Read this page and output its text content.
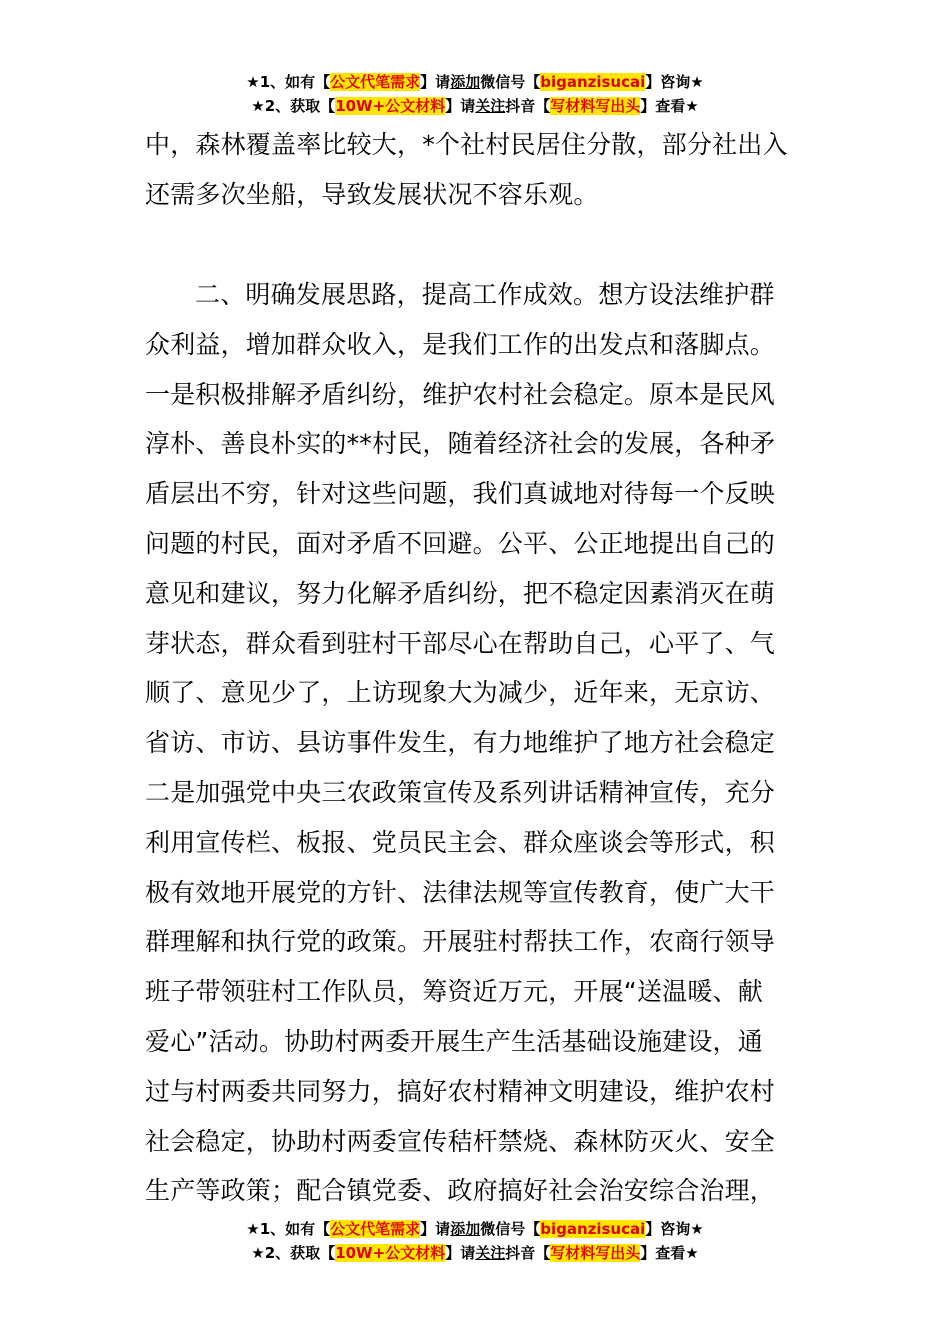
★1、如有【公文代笔需求】请添加微信号【biganzisucai】咨询★
★2、获取【10W+公文材料】请关注抖音【写材料写出头】查看★
中，森林覆盖率比较大，*个社村民居住分散，部分社出入
还需多次坐船，导致发展状况不容乐观。
二、明确发展思路，提高工作成效。想方设法维护群
众利益，增加群众收入，是我们工作的出发点和落脚点。
一是积极排解矛盾纠纷，维护农村社会稳定。原本是民风
淳朴、善良朴实的**村民，随着经济社会的发展，各种矛
盾层出不穷，针对这些问题，我们真诚地对待每一个反映
问题的村民，面对矛盾不回避。公平、公正地提出自己的
意见和建议，努力化解矛盾纠纷，把不稳定因素消灭在萌
芽状态，群众看到驻村干部尽心在帮助自己，心平了、气
顺了、意见少了，上访现象大为减少，近年来，无京访、
省访、市访、县访事件发生，有力地维护了地方社会稳定
二是加强党中央三农政策宣传及系列讲话精神宣传，充分
利用宣传栏、板报、党员民主会、群众座谈会等形式，积
极有效地开展党的方针、法律法规等宣传教育，使广大干
群理解和执行党的政策。开展驻村帮扶工作，农商行领导
班子带领驻村工作队员，筹资近万元，开展“送温暖、献
爱心”活动。协助村两委开展生产生活基础设施建设，通
过与村两委共同努力，搞好农村精神文明建设，维护农村
社会稳定，协助村两委宣传秸杆禁烧、森林防灭火、安全
生产等政策；配合镇党委、政府搞好社会治安综合治理，
★1、如有【公文代笔需求】请添加微信号【biganzisucai】咨询★
★2、获取【10W+公文材料】请关注抖音【写材料写出头】查看★
